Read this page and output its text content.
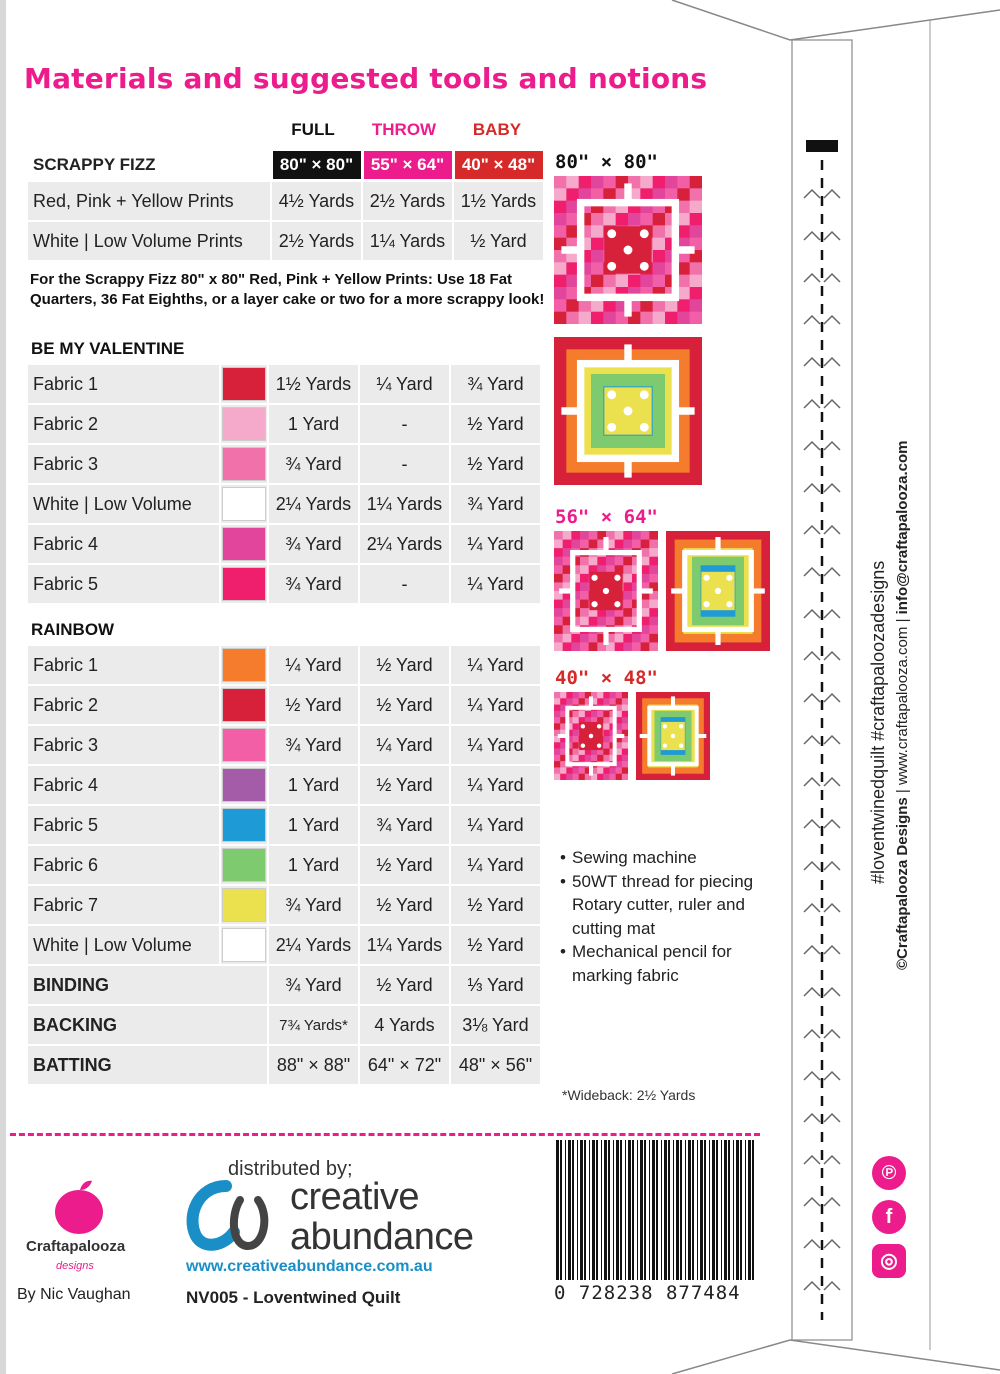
Materials and suggested tools and notions
FULL	THROW	BABY
SCRAPPY FIZZ	80" × 80"	55" × 64"	40" × 48"
Red, Pink + Yellow Prints	4½ Yards	2½ Yards	1½ Yards
White | Low Volume Prints	2½ Yards	1¼ Yards	½ Yard
For the Scrappy Fizz 80" x 80" Red, Pink + Yellow Prints: Use 18 Fat Quarters, 36 Fat Eighths, or a layer cake or two for a more scrappy look!
BE MY VALENTINE
Fabric 1		1½ Yards	¼ Yard	¾ Yard
Fabric 2		1 Yard	-	½ Yard
Fabric 3		¾ Yard	-	½ Yard
White | Low Volume		2¼ Yards	1¼ Yards	¾ Yard
Fabric 4		¾ Yard	2¼ Yards	¼ Yard
Fabric 5		¾ Yard	-	¼ Yard
RAINBOW
Fabric 1		¼ Yard	½ Yard	¼ Yard
Fabric 2		½ Yard	½ Yard	¼ Yard
Fabric 3		¾ Yard	¼ Yard	¼ Yard
Fabric 4		1 Yard	½ Yard	¼ Yard
Fabric 5		1 Yard	¾ Yard	¼ Yard
Fabric 6		1 Yard	½ Yard	¼ Yard
Fabric 7		¾ Yard	½ Yard	½ Yard
White | Low Volume		2¼ Yards	1¼ Yards	½ Yard
BINDING		¾ Yard	½ Yard	⅓ Yard
BACKING		7¾ Yards*	4 Yards	3⅛ Yard
BATTING		88" × 88"	64" × 72"	48" × 56"
80" × 80"
56" × 64"
40" × 48"
• Sewing machine
• 50WT thread for piecing Rotary cutter, ruler and cutting mat
• Mechanical pencil for marking fabric
*Wideback: 2½ Yards
#loventwinedquilt #craftapaloozadesigns ©Craftapalooza Designs | www.craftapalooza.com | info@craftapalooza.com
℗
f
◎
Craftapalooza
designs
By Nic Vaughan
distributed by;
creative
abundance
www.creativeabundance.com.au
NV005 - Loventwined Quilt	0 728238 877484
